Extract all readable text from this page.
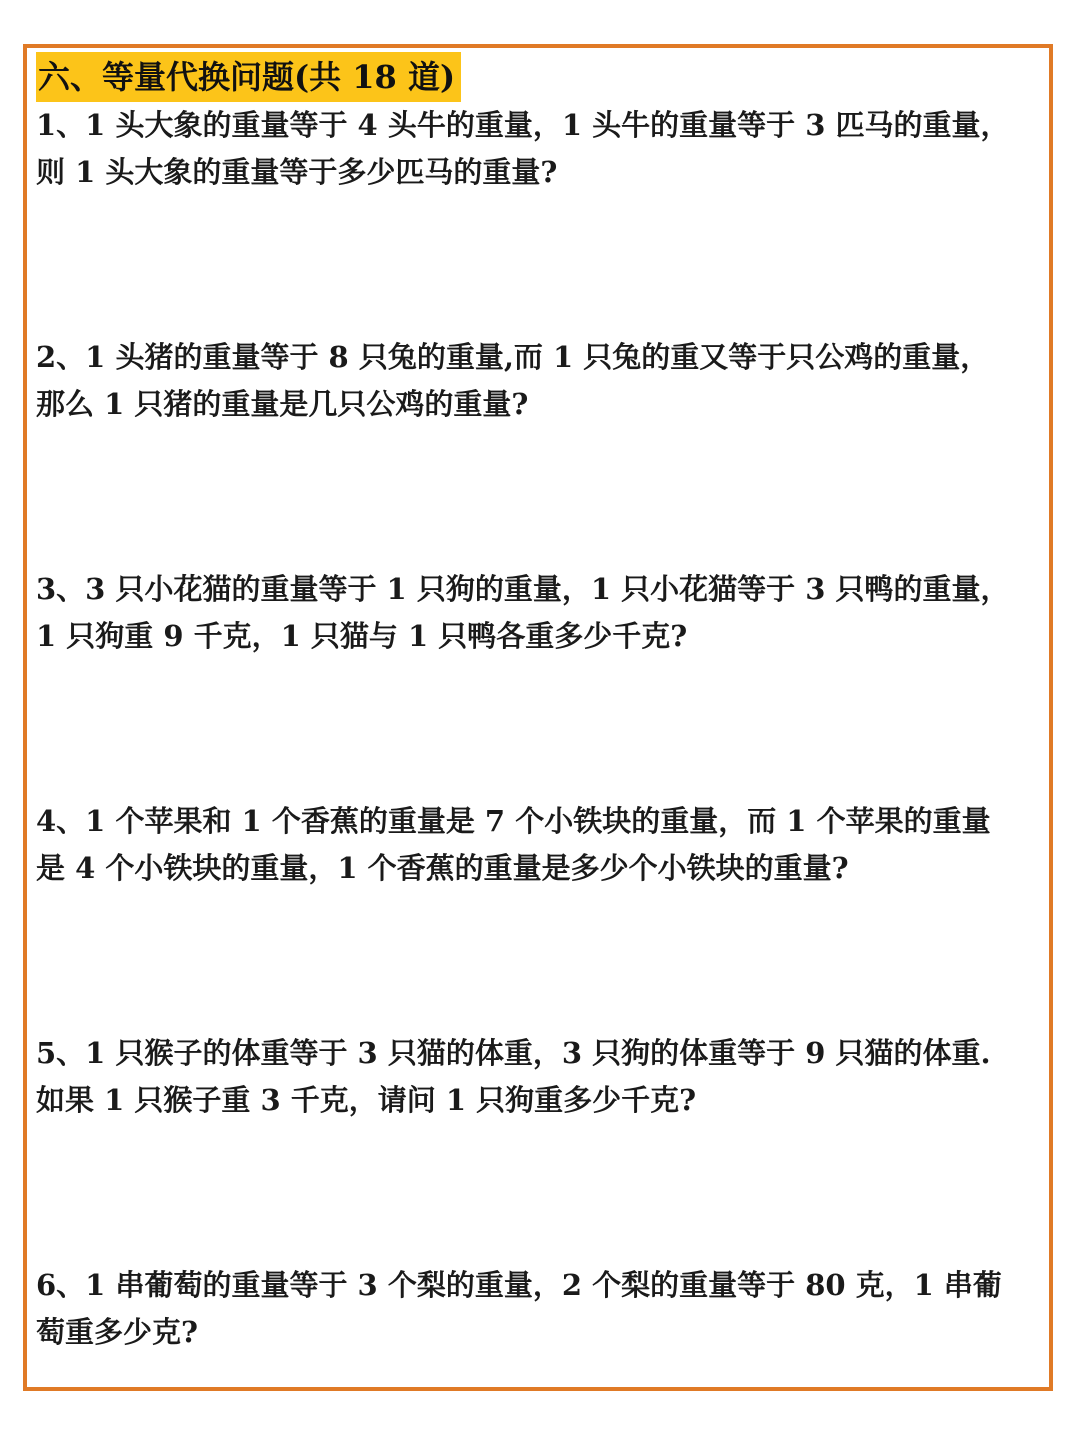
六、等量代换问题(共 18 道)
1、1 头大象的重量等于 4 头牛的重量，1 头牛的重量等于 3 匹马的重量，
则 1 头大象的重量等于多少匹马的重量?
2、1 头猪的重量等于 8 只兔的重量,而 1 只兔的重又等于只公鸡的重量，
那么 1 只猪的重量是几只公鸡的重量?
3、3 只小花猫的重量等于 1 只狗的重量，1 只小花猫等于 3 只鸭的重量，
1 只狗重 9 千克，1 只猫与 1 只鸭各重多少千克?
4、1 个苹果和 1 个香蕉的重量是 7 个小铁块的重量，而 1 个苹果的重量
是 4 个小铁块的重量，1 个香蕉的重量是多少个小铁块的重量?
5、1 只猴子的体重等于 3 只猫的体重，3 只狗的体重等于 9 只猫的体重.
如果 1 只猴子重 3 千克，请问 1 只狗重多少千克?
6、1 串葡萄的重量等于 3 个梨的重量，2 个梨的重量等于 80 克，1 串葡
萄重多少克?
